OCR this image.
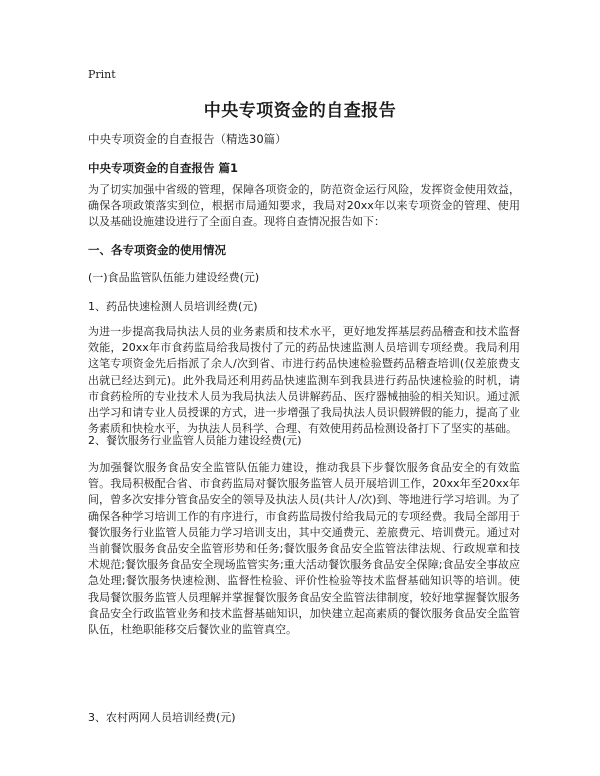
Print
中央专项资金的自查报告
中央专项资金的自查报告（精选30篇）
中央专项资金的自查报告 篇1

为了切实加强中省级的管理，保障各项资金的，防范资金运行风险，发挥资金使用效益，确保各项政策落实到位，根据市局通知要求，我局对20xx年以来专项资金的管理、使用以及基础设施建设进行了全面自查。现将自查情况报告如下：

一、各专项资金的使用情况
(一)食品监管队伍能力建设经费(元)
1、药品快速检测人员培训经费(元)

为进一步提高我局执法人员的业务素质和技术水平，更好地发挥基层药品稽查和技术监督效能，20xx年市食药监局给我局拨付了元的药品快速监测人员培训专项经费。我局利用这笔专项资金先后指派了余人/次到省、市进行药品快速检验暨药品稽查培训(仅差旅费支出就已经达到元)。此外我局还利用药品快速监测车到我县进行药品快速检验的时机，请市食药检所的专业技术人员为我局执法人员讲解药品、医疗器械抽验的相关知识。通过派出学习和请专业人员授课的方式，进一步增强了我局执法人员识假辨假的能力，提高了业务素质和快检水平，为执法人员科学、合理、有效使用药品检测设备打下了坚实的基础。

2、餐饮服务行业监管人员能力建设经费(元)

为加强餐饮服务食品安全监管队伍能力建设，推动我县下步餐饮服务食品安全的有效监管。我局积极配合省、市食药监局对餐饮服务监管人员开展培训工作，20xx年至20xx年间，曾多次安排分管食品安全的领导及执法人员(共计人/次)到、等地进行学习培训。为了确保各种学习培训工作的有序进行，市食药监局拨付给我局元的专项经费。我局全部用于餐饮服务行业监管人员能力学习培训支出，其中交通费元、差旅费元、培训费元。通过对当前餐饮服务食品安全监管形势和任务;餐饮服务食品安全监管法律法规、行政规章和技术规范;餐饮服务食品安全现场监管实务;重大活动餐饮服务食品安全保障;食品安全事故应急处理;餐饮服务快速检测、监督性检验、评价性检验等技术监督基础知识等的培训。使我局餐饮服务监管人员理解并掌握餐饮服务食品安全监管法律制度，较好地掌握餐饮服务食品安全行政监管业务和技术监督基础知识，加快建立起高素质的餐饮服务食品安全监管队伍，杜绝职能移交后餐饮业的监管真空。

3、农村两网人员培训经费(元)
